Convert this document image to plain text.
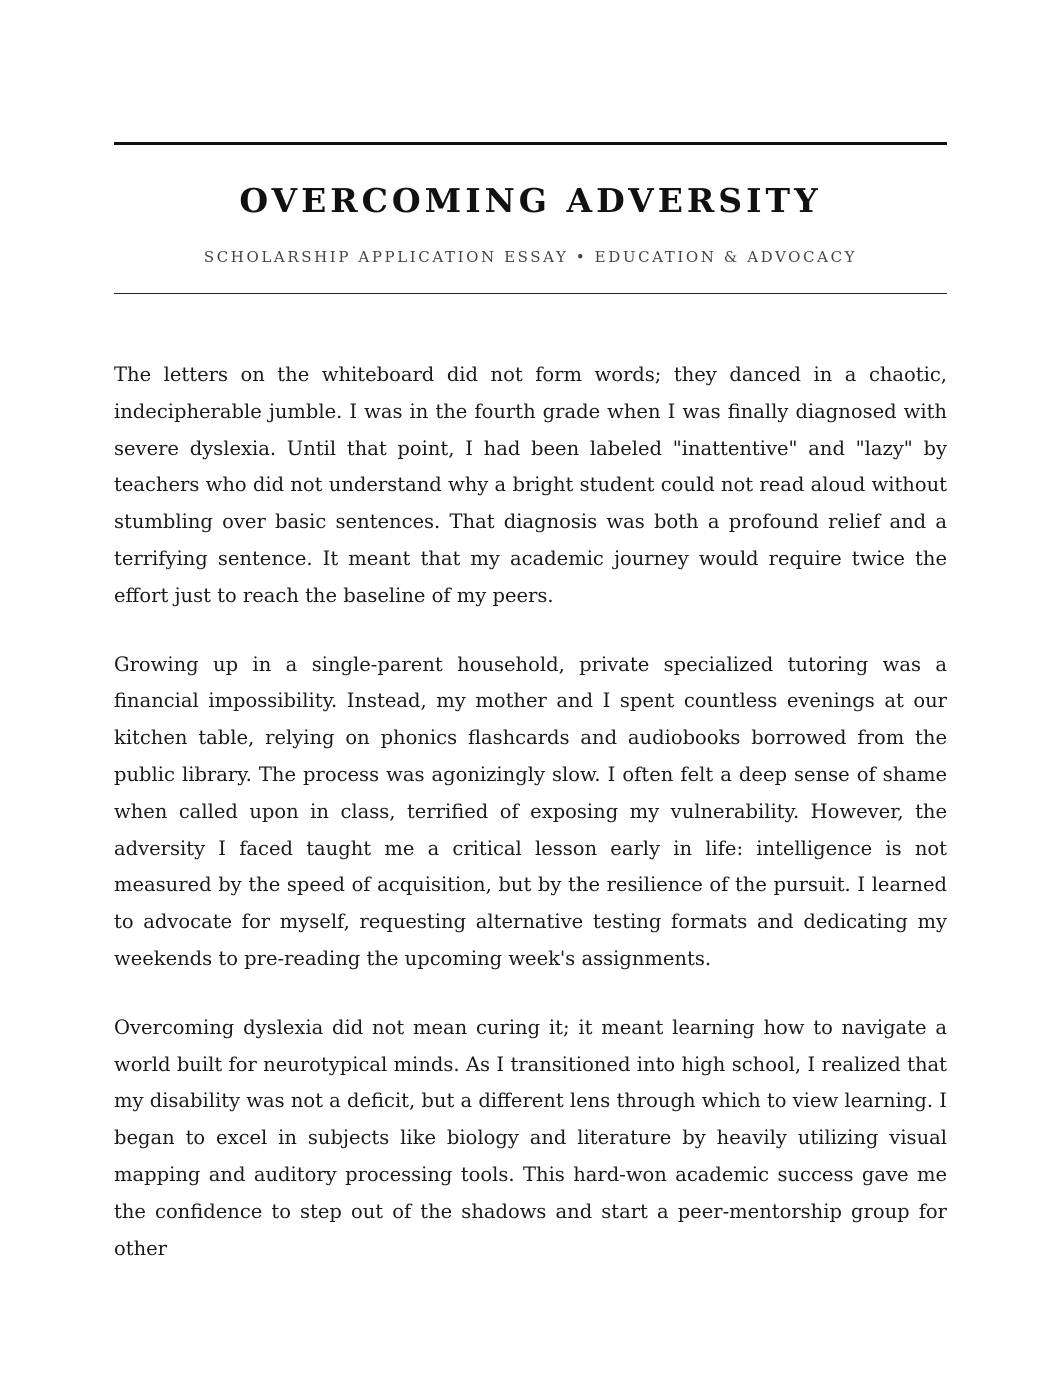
OVERCOMING ADVERSITY

SCHOLARSHIP APPLICATION ESSAY • EDUCATION & ADVOCACY

The letters on the whiteboard did not form words; they danced in a chaotic, indecipherable jumble. I was in the fourth grade when I was finally diagnosed with severe dyslexia. Until that point, I had been labeled "inattentive" and "lazy" by teachers who did not understand why a bright student could not read aloud without stumbling over basic sentences. That diagnosis was both a profound relief and a terrifying sentence. It meant that my academic journey would require twice the effort just to reach the baseline of my peers.

Growing up in a single-parent household, private specialized tutoring was a financial impossibility. Instead, my mother and I spent countless evenings at our kitchen table, relying on phonics flashcards and audiobooks borrowed from the public library. The process was agonizingly slow. I often felt a deep sense of shame when called upon in class, terrified of exposing my vulnerability. However, the adversity I faced taught me a critical lesson early in life: intelligence is not measured by the speed of acquisition, but by the resilience of the pursuit. I learned to advocate for myself, requesting alternative testing formats and dedicating my weekends to pre-reading the upcoming week's assignments.

Overcoming dyslexia did not mean curing it; it meant learning how to navigate a world built for neurotypical minds. As I transitioned into high school, I realized that my disability was not a deficit, but a different lens through which to view learning. I began to excel in subjects like biology and literature by heavily utilizing visual mapping and auditory processing tools. This hard-won academic success gave me the confidence to step out of the shadows and start a peer-mentorship group for other
